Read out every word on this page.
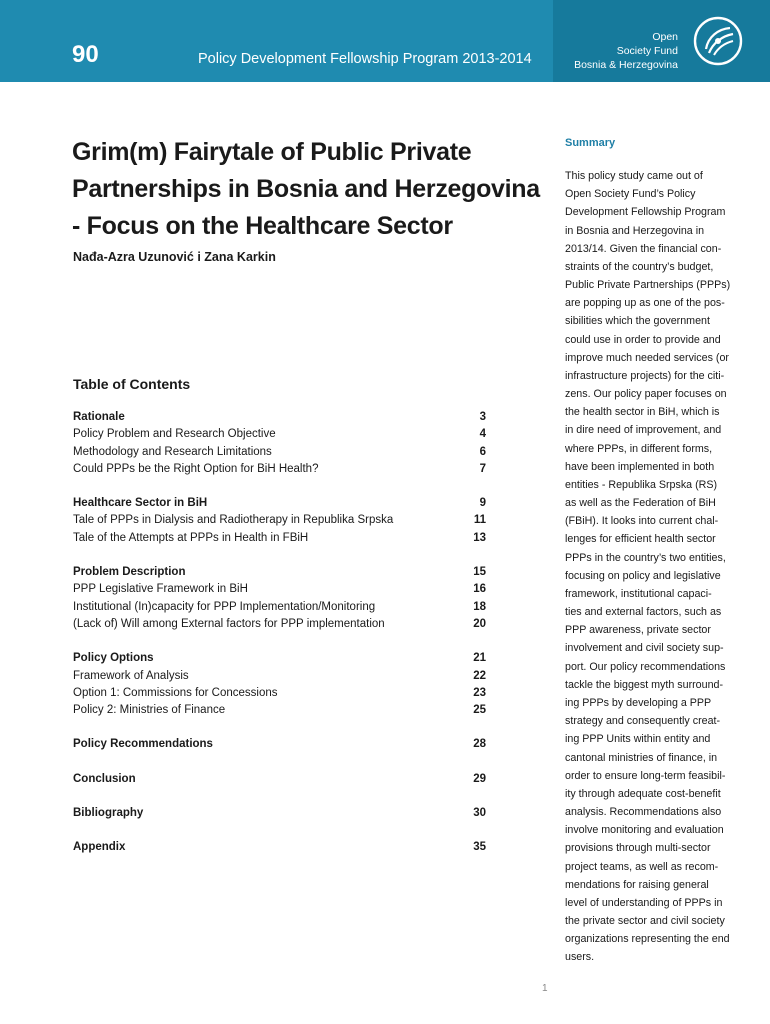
90	Policy Development Fellowship Program 2013-2014
Open
Society Fund
Bosnia & Herzegovina
Grim(m) Fairytale of Public Private
Partnerships in Bosnia and Herzegovina
- Focus on the Healthcare Sector
Nađa-Azra Uzunović i Zana Karkin
Table of Contents
Rationale	3
Policy Problem and Research Objective	4
Methodology and Research Limitations	6
Could PPPs be the Right Option for BiH Health?	7
Healthcare Sector in BiH	9
Tale of PPPs in Dialysis and Radiotherapy in Republika Srpska	11
Tale of the Attempts at PPPs in Health in FBiH	13
Problem Description	15
PPP Legislative Framework in BiH	16
Institutional (In)capacity for PPP Implementation/Monitoring	18
(Lack of) Will among External factors for PPP implementation	20
Policy Options	21
Framework of Analysis	22
Option 1: Commissions for Concessions	23
Policy 2: Ministries of Finance	25
Policy Recommendations	28
Conclusion	29
Bibliography	30
Appendix	35
Summary
This policy study came out of
Open Society Fund’s Policy
Development Fellowship Program
in Bosnia and Herzegovina in
2013/14. Given the financial con-
straints of the country’s budget,
Public Private Partnerships (PPPs)
are popping up as one of the pos-
sibilities which the government
could use in order to provide and
improve much needed services (or
infrastructure projects) for the citi-
zens. Our policy paper focuses on
the health sector in BiH, which is
in dire need of improvement, and
where PPPs, in different forms,
have been implemented in both
entities - Republika Srpska (RS)
as well as the Federation of BiH
(FBiH). It looks into current chal-
lenges for efficient health sector
PPPs in the country’s two entities,
focusing on policy and legislative
framework, institutional capaci-
ties and external factors, such as
PPP awareness, private sector
involvement and civil society sup-
port. Our policy recommendations
tackle the biggest myth surround-
ing PPPs by developing a PPP
strategy and consequently creat-
ing PPP Units within entity and
cantonal ministries of finance, in
order to ensure long-term feasibil-
ity through adequate cost-benefit
analysis. Recommendations also
involve monitoring and evaluation
provisions through multi-sector
project teams, as well as recom-
mendations for raising general
level of understanding of PPPs in
the private sector and civil society
organizations representing the end
users.
1
